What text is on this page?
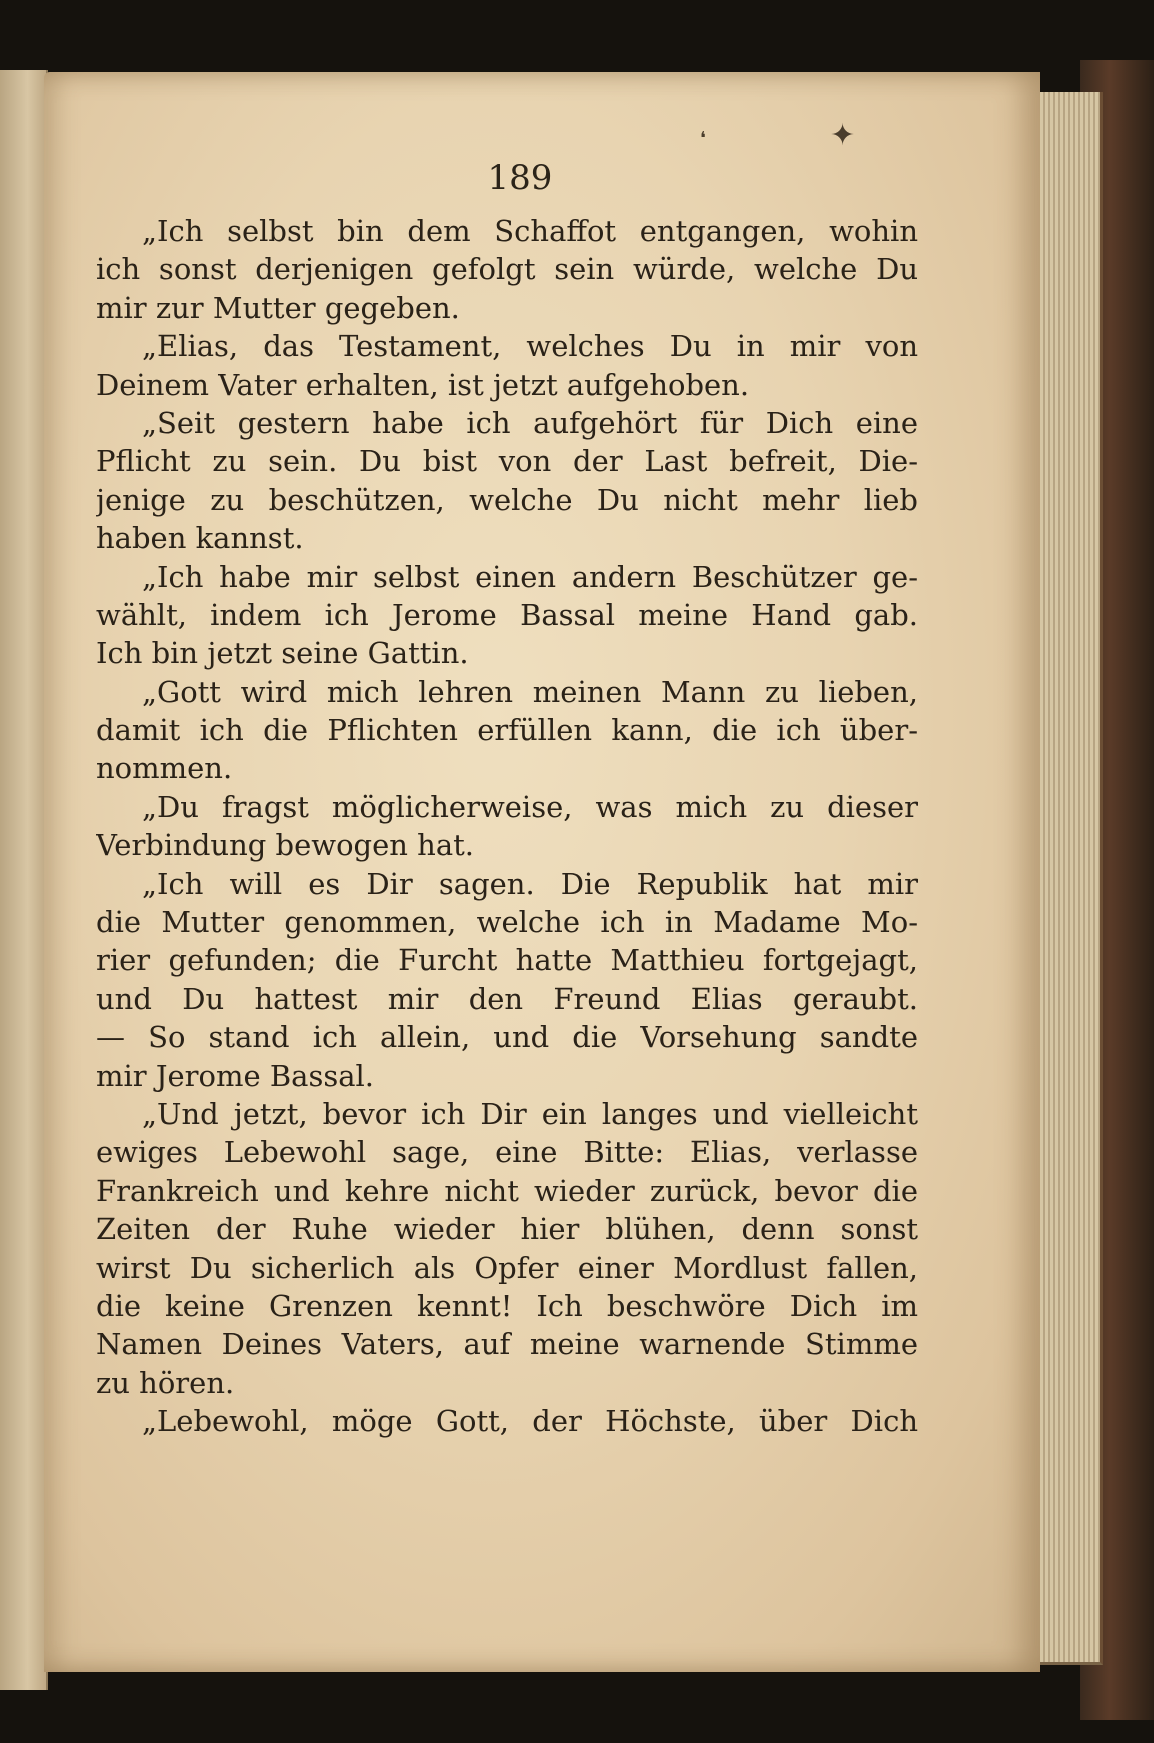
189
✦
❛
„Ich selbst bin dem Schaffot entgangen, wohin
ich sonst derjenigen gefolgt sein würde, welche Du
mir zur Mutter gegeben.
„Elias, das Testament, welches Du in mir von
Deinem Vater erhalten, ist jetzt aufgehoben.
„Seit gestern habe ich aufgehört für Dich eine
Pflicht zu sein. Du bist von der Last befreit, Die-
jenige zu beschützen, welche Du nicht mehr lieb
haben kannst.
„Ich habe mir selbst einen andern Beschützer ge-
wählt, indem ich Jerome Bassal meine Hand gab.
Ich bin jetzt seine Gattin.
„Gott wird mich lehren meinen Mann zu lieben,
damit ich die Pflichten erfüllen kann, die ich über-
nommen.
„Du fragst möglicherweise, was mich zu dieser
Verbindung bewogen hat.
„Ich will es Dir sagen. Die Republik hat mir
die Mutter genommen, welche ich in Madame Mo-
rier gefunden; die Furcht hatte Matthieu fortgejagt,
und Du hattest mir den Freund Elias geraubt.
— So stand ich allein, und die Vorsehung sandte
mir Jerome Bassal.
„Und jetzt, bevor ich Dir ein langes und vielleicht
ewiges Lebewohl sage, eine Bitte: Elias, verlasse
Frankreich und kehre nicht wieder zurück, bevor die
Zeiten der Ruhe wieder hier blühen, denn sonst
wirst Du sicherlich als Opfer einer Mordlust fallen,
die keine Grenzen kennt! Ich beschwöre Dich im
Namen Deines Vaters, auf meine warnende Stimme
zu hören.
„Lebewohl, möge Gott, der Höchste, über Dich
